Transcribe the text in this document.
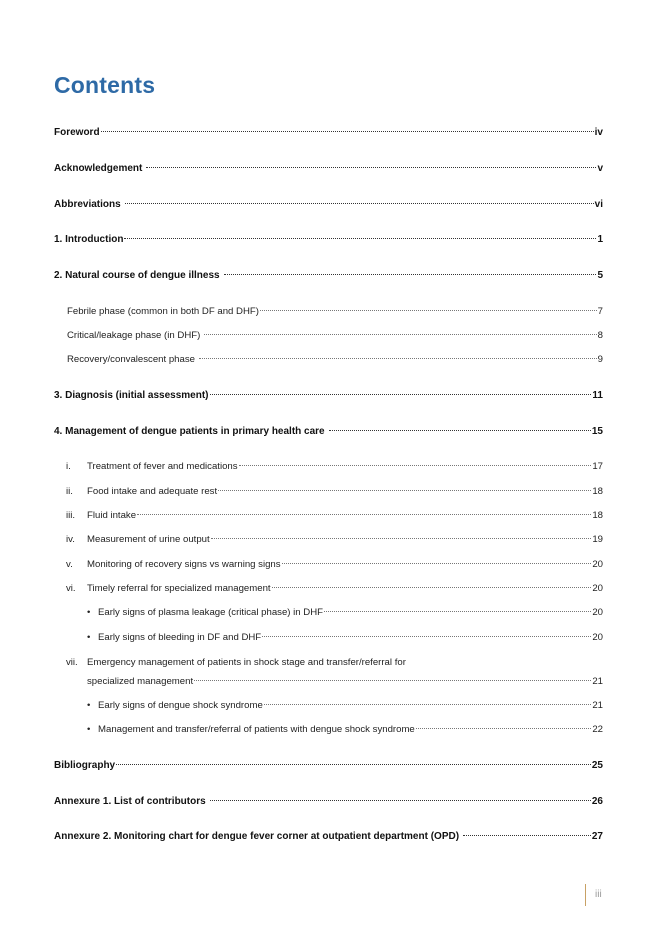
Contents
Foreword	iv
Acknowledgement	v
Abbreviations	vi
1. Introduction	1
2. Natural course of dengue illness	5
Febrile phase (common in both DF and DHF)	7
Critical/leakage phase (in DHF)	8
Recovery/convalescent phase	9
3. Diagnosis (initial assessment)	11
4. Management of dengue patients in primary health care	15
i.	Treatment of fever and medications	17
ii.	Food intake and adequate rest	18
iii.	Fluid intake	18
iv.	Measurement of urine output	19
v.	Monitoring of recovery signs vs warning signs	20
vi.	Timely referral for specialized management	20
• Early signs of plasma leakage (critical phase) in DHF	20
• Early signs of bleeding in DF and DHF	20
vii. Emergency management of patients in shock stage and transfer/referral for
specialized management	21
• Early signs of dengue shock syndrome	21
• Management and transfer/referral of patients with dengue shock syndrome	22
Bibliography	25
Annexure 1. List of contributors	26
Annexure 2. Monitoring chart for dengue fever corner at outpatient department (OPD)	27
iii
